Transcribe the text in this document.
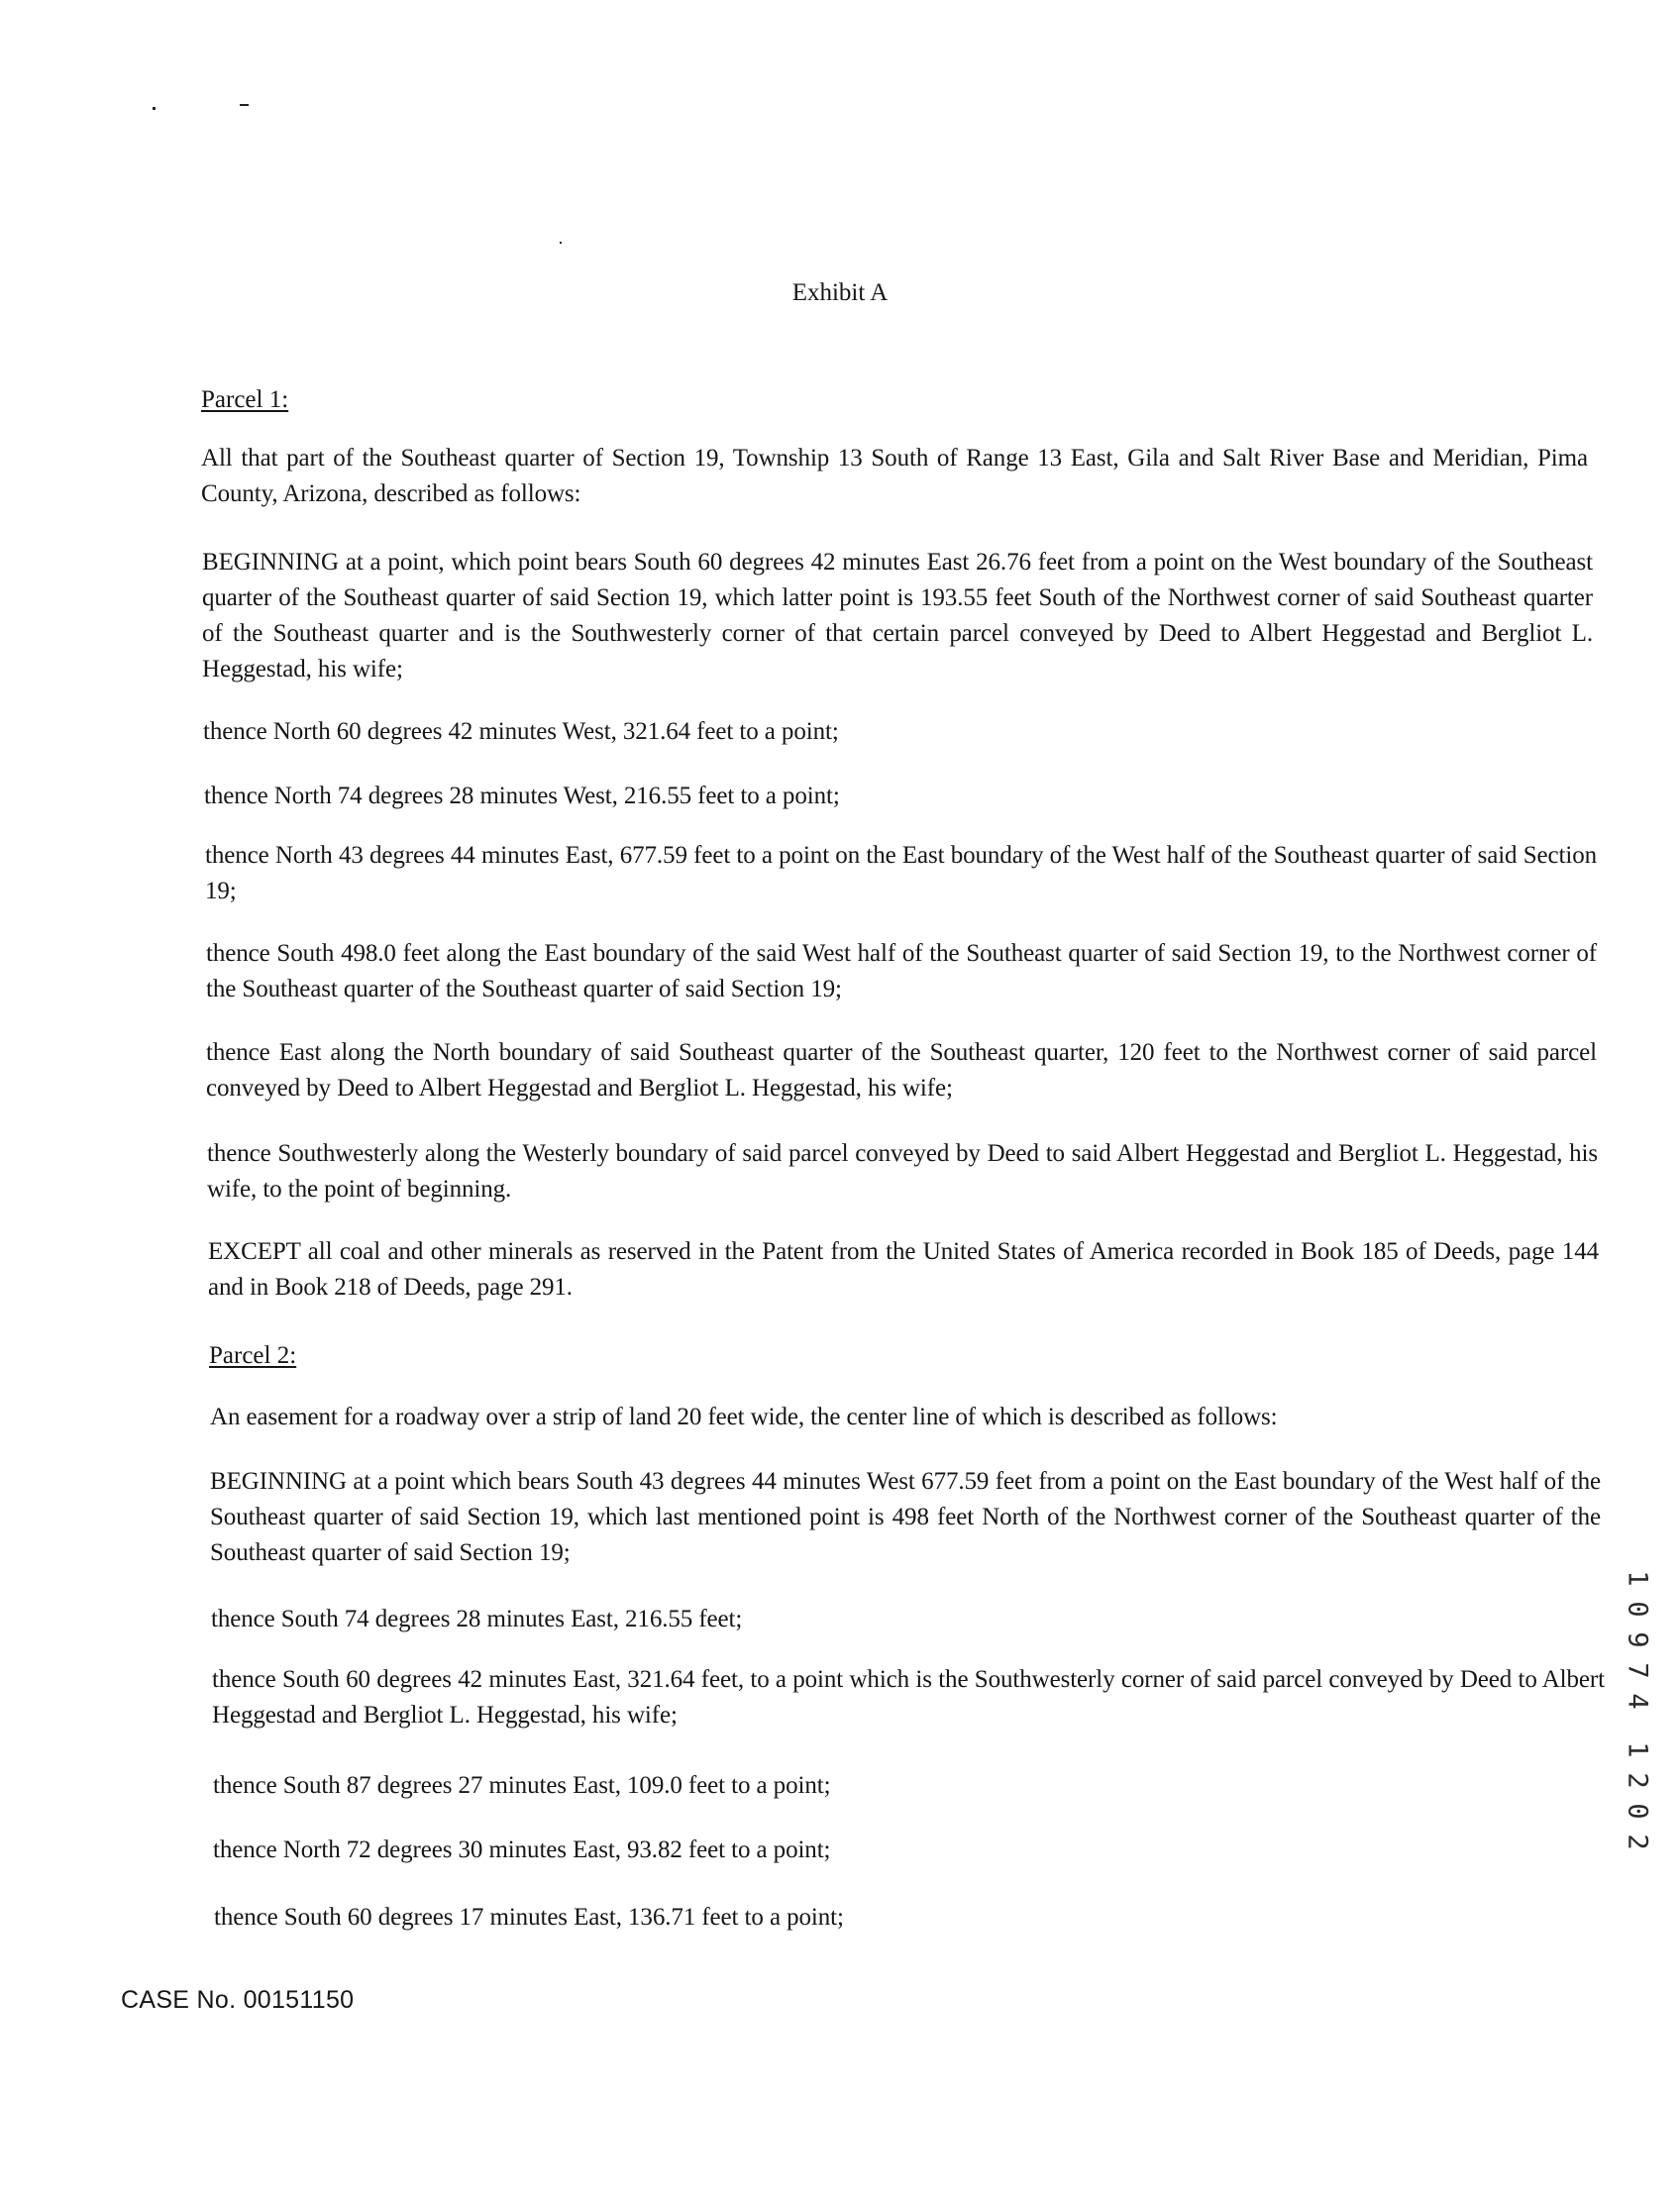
Exhibit A
Parcel 1:
All that part of the Southeast quarter of Section 19, Township 13 South of Range 13 East, Gila and Salt River Base and Meridian, Pima County, Arizona, described as follows:
BEGINNING at a point, which point bears South 60 degrees 42 minutes East 26.76 feet from a point on the West boundary of the Southeast quarter of the Southeast quarter of said Section 19, which latter point is 193.55 feet South of the Northwest corner of said Southeast quarter of the Southeast quarter and is the Southwesterly corner of that certain parcel conveyed by Deed to Albert Heggestad and Bergliot L. Heggestad, his wife;
thence North 60 degrees 42 minutes West, 321.64 feet to a point;
thence North 74 degrees 28 minutes West, 216.55 feet to a point;
thence North 43 degrees 44 minutes East, 677.59 feet to a point on the East boundary of the West half of the Southeast quarter of said Section 19;
thence South 498.0 feet along the East boundary of the said West half of the Southeast quarter of said Section 19, to the Northwest corner of the Southeast quarter of the Southeast quarter of said Section 19;
thence East along the North boundary of said Southeast quarter of the Southeast quarter, 120 feet to the Northwest corner of said parcel conveyed by Deed to Albert Heggestad and Bergliot L. Heggestad, his wife;
thence Southwesterly along the Westerly boundary of said parcel conveyed by Deed to said Albert Heggestad and Bergliot L. Heggestad, his wife, to the point of beginning.
EXCEPT all coal and other minerals as reserved in the Patent from the United States of America recorded in Book 185 of Deeds, page 144 and in Book 218 of Deeds, page 291.
Parcel 2:
An easement for a roadway over a strip of land 20 feet wide, the center line of which is described as follows:
BEGINNING at a point which bears South 43 degrees 44 minutes West 677.59 feet from a point on the East boundary of the West half of the Southeast quarter of said Section 19, which last mentioned point is 498 feet North of the Northwest corner of the Southeast quarter of the Southeast quarter of said Section 19;
thence South 74 degrees 28 minutes East, 216.55 feet;
thence South 60 degrees 42 minutes East, 321.64 feet, to a point which is the Southwesterly corner of said parcel conveyed by Deed to Albert Heggestad and Bergliot L. Heggestad, his wife;
thence South 87 degrees 27 minutes East, 109.0 feet to a point;
thence North 72 degrees 30 minutes East, 93.82 feet to a point;
thence South 60 degrees 17 minutes East, 136.71 feet to a point;
CASE No. 00151150
1
0
9
7
4
1
2
0
2
